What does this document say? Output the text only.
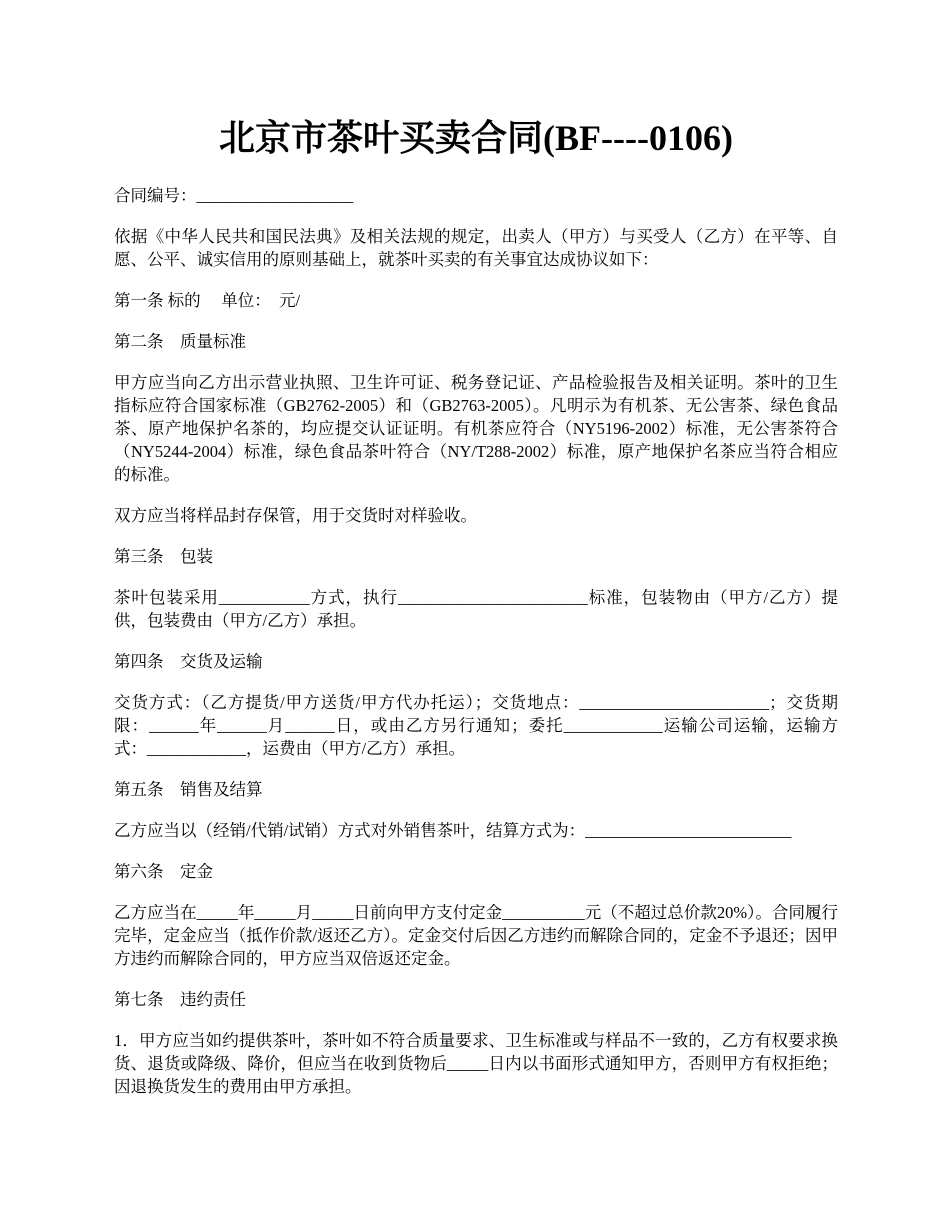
北京市茶叶买卖合同(BF----0106)

合同编号：___________________

依据《中华人民共和国民法典》及相关法规的规定，出卖人（甲方）与买受人（乙方）在平等、自愿、公平、诚实信用的原则基础上，就茶叶买卖的有关事宜达成协议如下：

第一条 标的　 单位：　元/

第二条　质量标准

甲方应当向乙方出示营业执照、卫生许可证、税务登记证、产品检验报告及相关证明。茶叶的卫生指标应符合国家标准（GB2762-2005）和（GB2763-2005）。凡明示为有机茶、无公害茶、绿色食品茶、原产地保护名茶的，均应提交认证证明。有机茶应符合（NY5196-2002）标准，无公害茶符合（NY5244-2004）标准，绿色食品茶叶符合（NY/T288-2002）标准，原产地保护名茶应当符合相应的标准。

双方应当将样品封存保管，用于交货时对样验收。

第三条　包装

茶叶包装采用___________方式，执行_______________________标准，包装物由（甲方/乙方）提供，包装费由（甲方/乙方）承担。

第四条　交货及运输

交货方式：（乙方提货/甲方送货/甲方代办托运）；交货地点：_______________________；交货期限：______年______月______日，或由乙方另行通知；委托____________运输公司运输，运输方式：____________，运费由（甲方/乙方）承担。

第五条　销售及结算

乙方应当以（经销/代销/试销）方式对外销售茶叶，结算方式为：_________________________

第六条　定金

乙方应当在_____年_____月_____日前向甲方支付定金__________元（不超过总价款20%）。合同履行完毕，定金应当（抵作价款/返还乙方）。定金交付后因乙方违约而解除合同的，定金不予退还；因甲方违约而解除合同的，甲方应当双倍返还定金。

第七条　违约责任

1．甲方应当如约提供茶叶，茶叶如不符合质量要求、卫生标准或与样品不一致的，乙方有权要求换货、退货或降级、降价，但应当在收到货物后_____日内以书面形式通知甲方，否则甲方有权拒绝；因退换货发生的费用由甲方承担。
